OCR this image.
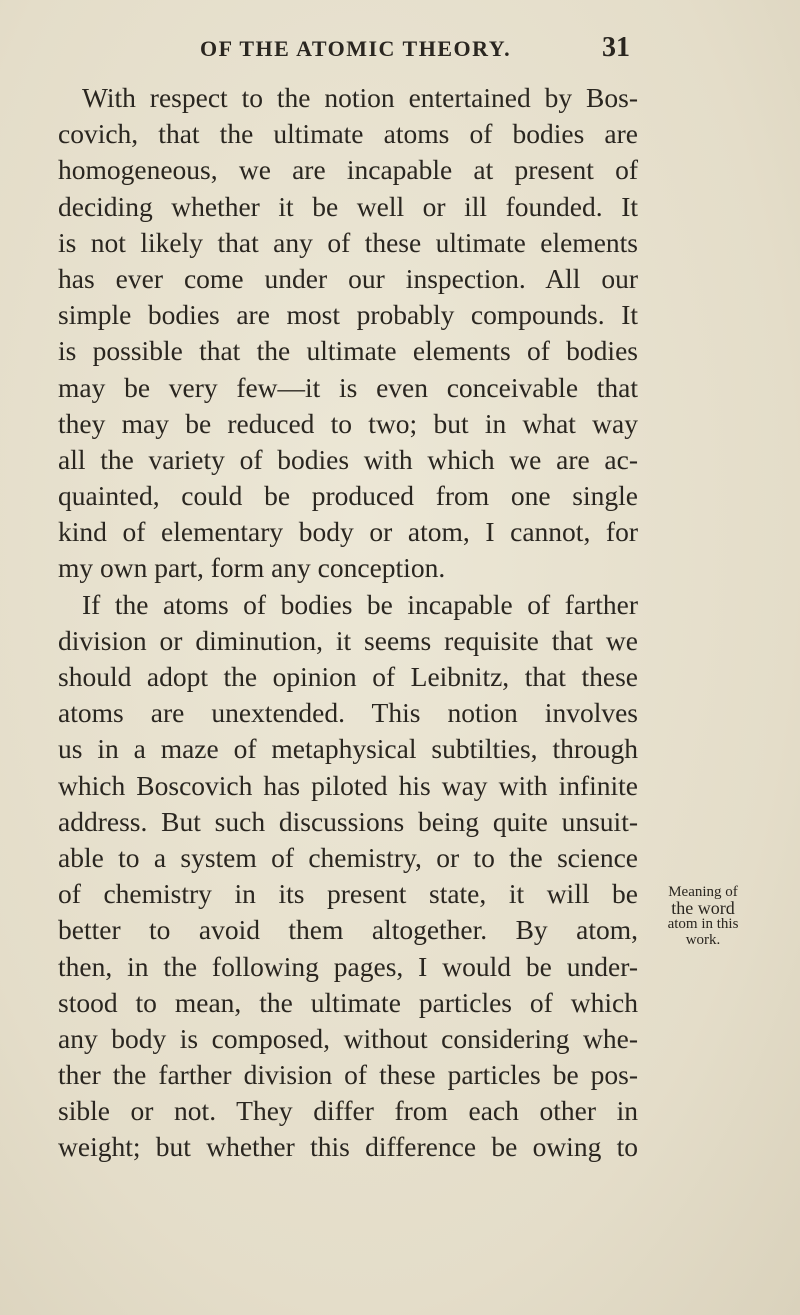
OF THE ATOMIC THEORY.	31
With respect to the notion entertained by Bos-
covich, that the ultimate atoms of bodies are
homogeneous, we are incapable at present of
deciding whether it be well or ill founded. It
is not likely that any of these ultimate elements
has ever come under our inspection. All our
simple bodies are most probably compounds. It
is possible that the ultimate elements of bodies
may be very few—it is even conceivable that
they may be reduced to two; but in what way
all the variety of bodies with which we are ac-
quainted, could be produced from one single
kind of elementary body or atom, I cannot, for
my own part, form any conception.
If the atoms of bodies be incapable of farther
division or diminution, it seems requisite that we
should adopt the opinion of Leibnitz, that these
atoms are unextended. This notion involves
us in a maze of metaphysical subtilties, through
which Boscovich has piloted his way with infinite
address. But such discussions being quite unsuit-
able to a system of chemistry, or to the science
of chemistry in its present state, it will be
better to avoid them altogether. By atom,
then, in the following pages, I would be under-
stood to mean, the ultimate particles of which
any body is composed, without considering whe-
ther the farther division of these particles be pos-
sible or not. They differ from each other in
weight; but whether this difference be owing to
Meaning of
the word
atom in this
work.
